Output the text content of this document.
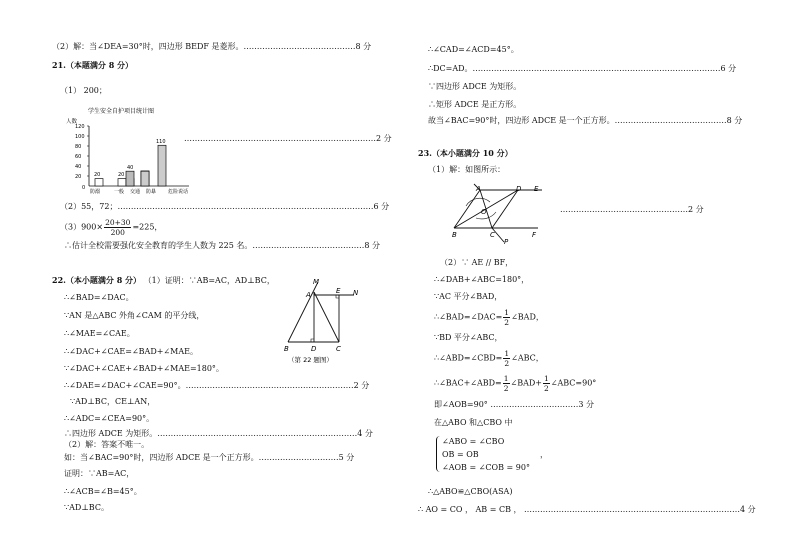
（2）解：当∠DEA=30°时，四边形 BEDF 是菱形。……………………………………8 分
21.（本题满分 8 分）
（1） 200；
学生安全自护项目统计图
人数
120
100
80
60
40
20
0
20	20
40
110
防溺	一般 交通 防暴 危险说话
………………………………………………………………2 分
（2）55，72；……………………………………………………………………………………6 分
$(3)900\times \frac{20+30}{200} =225$，
∴估计全校需要强化安全教育的学生人数为 225 名。……………………………………8 分
22.（本小题满分 8 分） （1）证明：∵AB=AC，AD⊥BC，
∴∠BAD=∠DAC。
∵AN 是△ABC 外角∠CAM 的平分线，
∴∠MAE=∠CAE。
∴∠DAC+∠CAE=∠BAD+∠MAE。
∵∠DAC+∠CAE+∠BAD+∠MAE=180°。
∴∠DAE=∠DAC+∠CAE=90°。………………………………………………………2 分
∵AD⊥BC，CE⊥AN，
∴∠ADC=∠CEA=90°。
∴四边形 ADCE 为矩形。…………………………………………………………………4 分
（2）解：答案不唯一。
如：当∠BAC=90°时，四边形 ADCE 是一个正方形。…………………………5 分
证明：∵AB=AC，
∴∠ACB=∠B=45°。
∵AD⊥BC。
M
A	E N
B	D	C
（第 22 题图）
∴∠CAD=∠ACD=45°。
∴DC=AD。…………………………………………………………………………………6 分
∵四边形 ADCE 为矩形。
∴矩形 ADCE 是正方形。
故当∠BAC=90°时，四边形 ADCE 是一个正方形。……………………………………8 分
23.（本小题满分 10 分）
（1）解：如图所示：
A	D E
O
B	C	F
P
…………………………………………2 分
（2）∵ AE // BF，
∴∠DAB+∠ABC=180°，
∵AC 平分∠BAD，
∴∠BAD=∠DAC= $\frac{1}{2}$ ∠BAD，
∵BD 平分∠ABC，
∴∠ABD=∠CBD= $\frac{1}{2}$ ∠ABC，
∴∠BAC+∠ABD= $\frac{1}{2}$ ∠BAD+ $\frac{1}{2}$ ∠ABC=90°
即∠AOB=90° ……………………………3 分
在△ABO 和△CBO 中
∠ABO = ∠CBO
OB = OB
∠AOB = ∠COB = 90°
，
∴△ABO≌△CBO(ASA)
∴ AO = CO ， AB = CB ， ………………………………………………………………………4 分
